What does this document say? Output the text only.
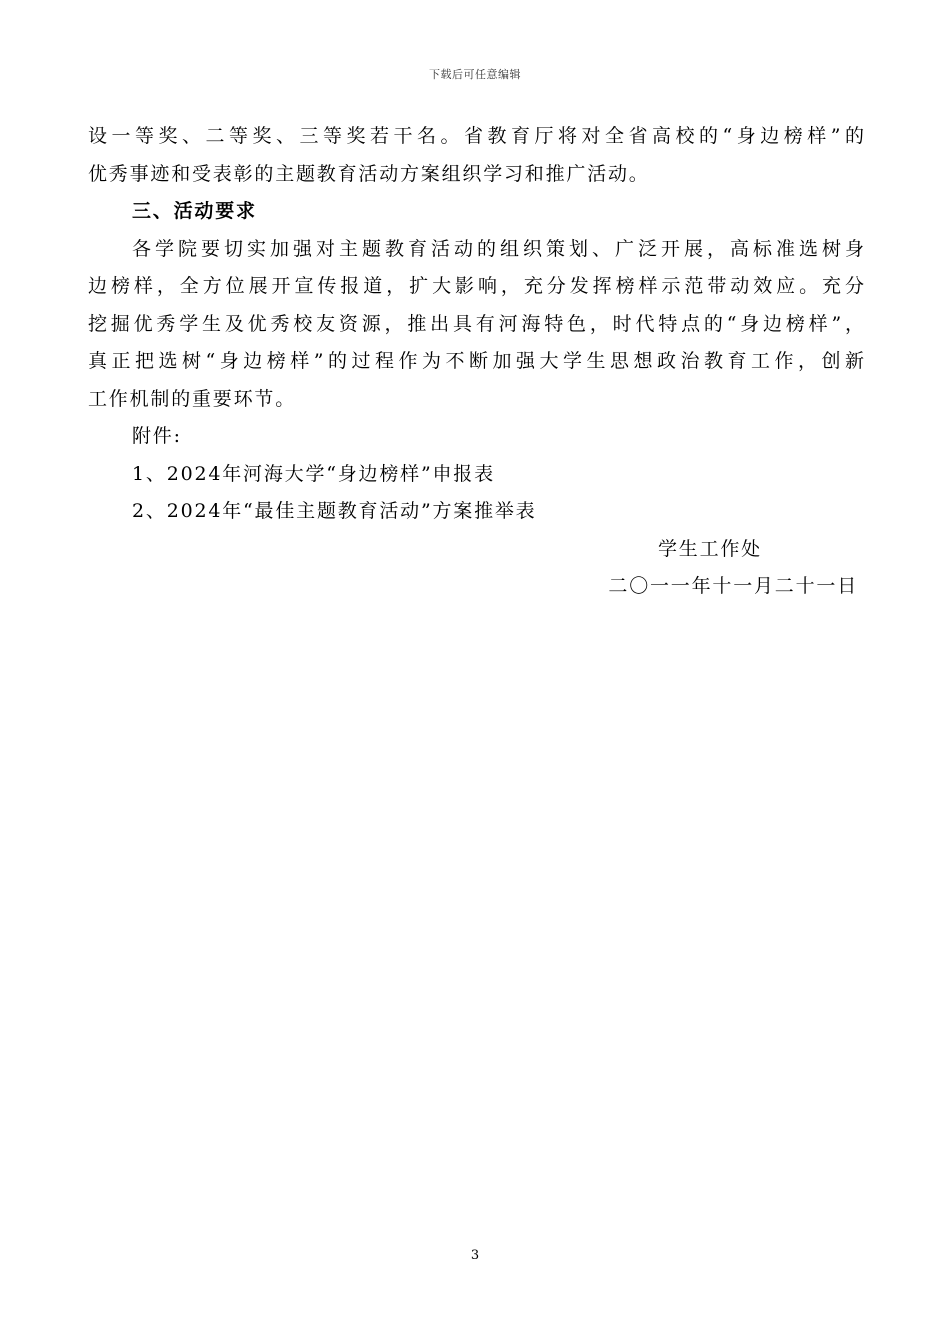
下载后可任意编辑
设一等奖、二等奖、三等奖若干名。省教育厅将对全省高校的“身边榜样”的
优秀事迹和受表彰的主题教育活动方案组织学习和推广活动。
三、活动要求
各学院要切实加强对主题教育活动的组织策划、广泛开展，高标准选树身
边榜样，全方位展开宣传报道，扩大影响，充分发挥榜样示范带动效应。充分
挖掘优秀学生及优秀校友资源，推出具有河海特色，时代特点的“身边榜样”，
真正把选树“身边榜样”的过程作为不断加强大学生思想政治教育工作，创新
工作机制的重要环节。
附件:
1、2024年河海大学“身边榜样”申报表
2、2024年“最佳主题教育活动”方案推举表
学生工作处
二〇一一年十一月二十一日
3
